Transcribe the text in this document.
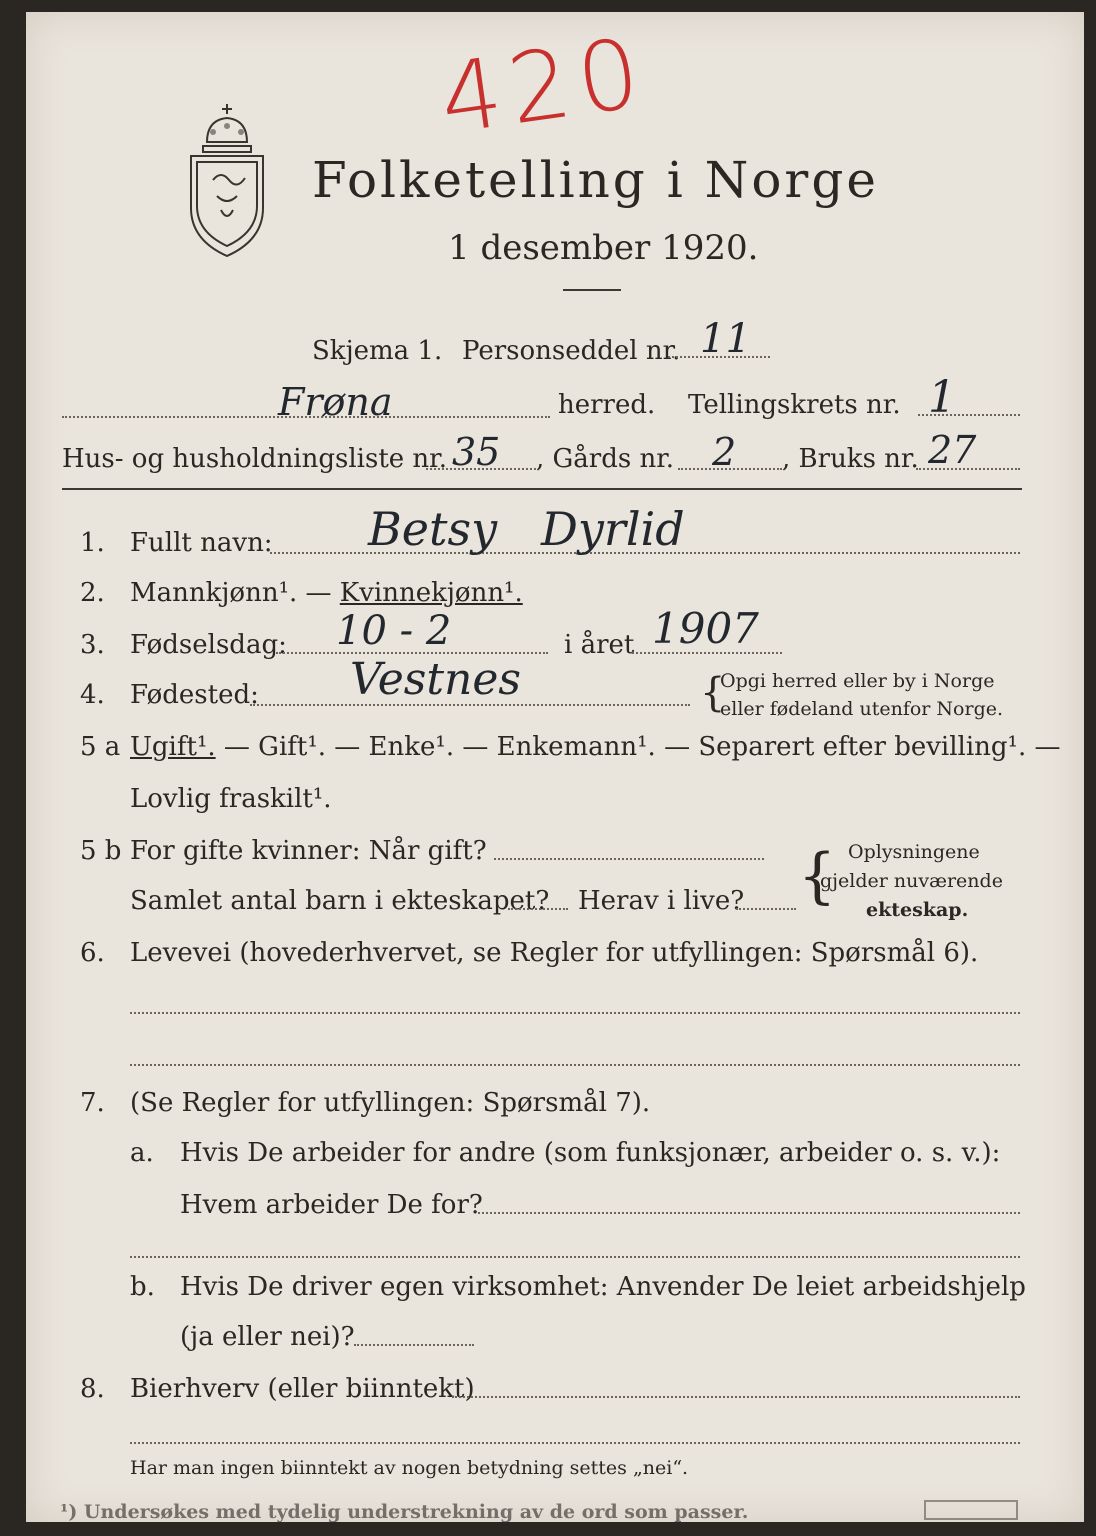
420
Folketelling i Norge
1 desember 1920.
Skjema 1. Personseddel nr. 11
Frøna	herred. Tellingskrets nr. 1
Hus- og husholdningsliste nr. 35 , Gårds nr. 2 , Bruks nr. 27
1. Fullt navn: Betsy   Dyrlid
2. Mannkjønn¹. — Kvinnekjønn¹.
3. Fødselsdag: 10 - 2	i året 1907
4. Fødested: Vestnes	{
Opgi herred eller by i Norge
eller fødeland utenfor Norge.
5 a Ugift¹. — Gift¹. — Enke¹. — Enkemann¹. — Separert efter bevilling¹. —
Lovlig fraskilt¹.
5 b For gifte kvinner: Når gift?
Samlet antal barn i ekteskapet? Herav i live? { Oplysningene
gjelder nuværende
ekteskap.
6. Levevei (hovederhvervet, se Regler for utfyllingen: Spørsmål 6).
7. (Se Regler for utfyllingen: Spørsmål 7).
a. Hvis De arbeider for andre (som funksjonær, arbeider o. s. v.):
Hvem arbeider De for?
b. Hvis De driver egen virksomhet: Anvender De leiet arbeidshjelp
(ja eller nei)?
8. Bierhverv (eller biinntekt)
Har man ingen biinntekt av nogen betydning settes „nei“.
¹) Undersøkes med tydelig understrekning av de ord som passer.
